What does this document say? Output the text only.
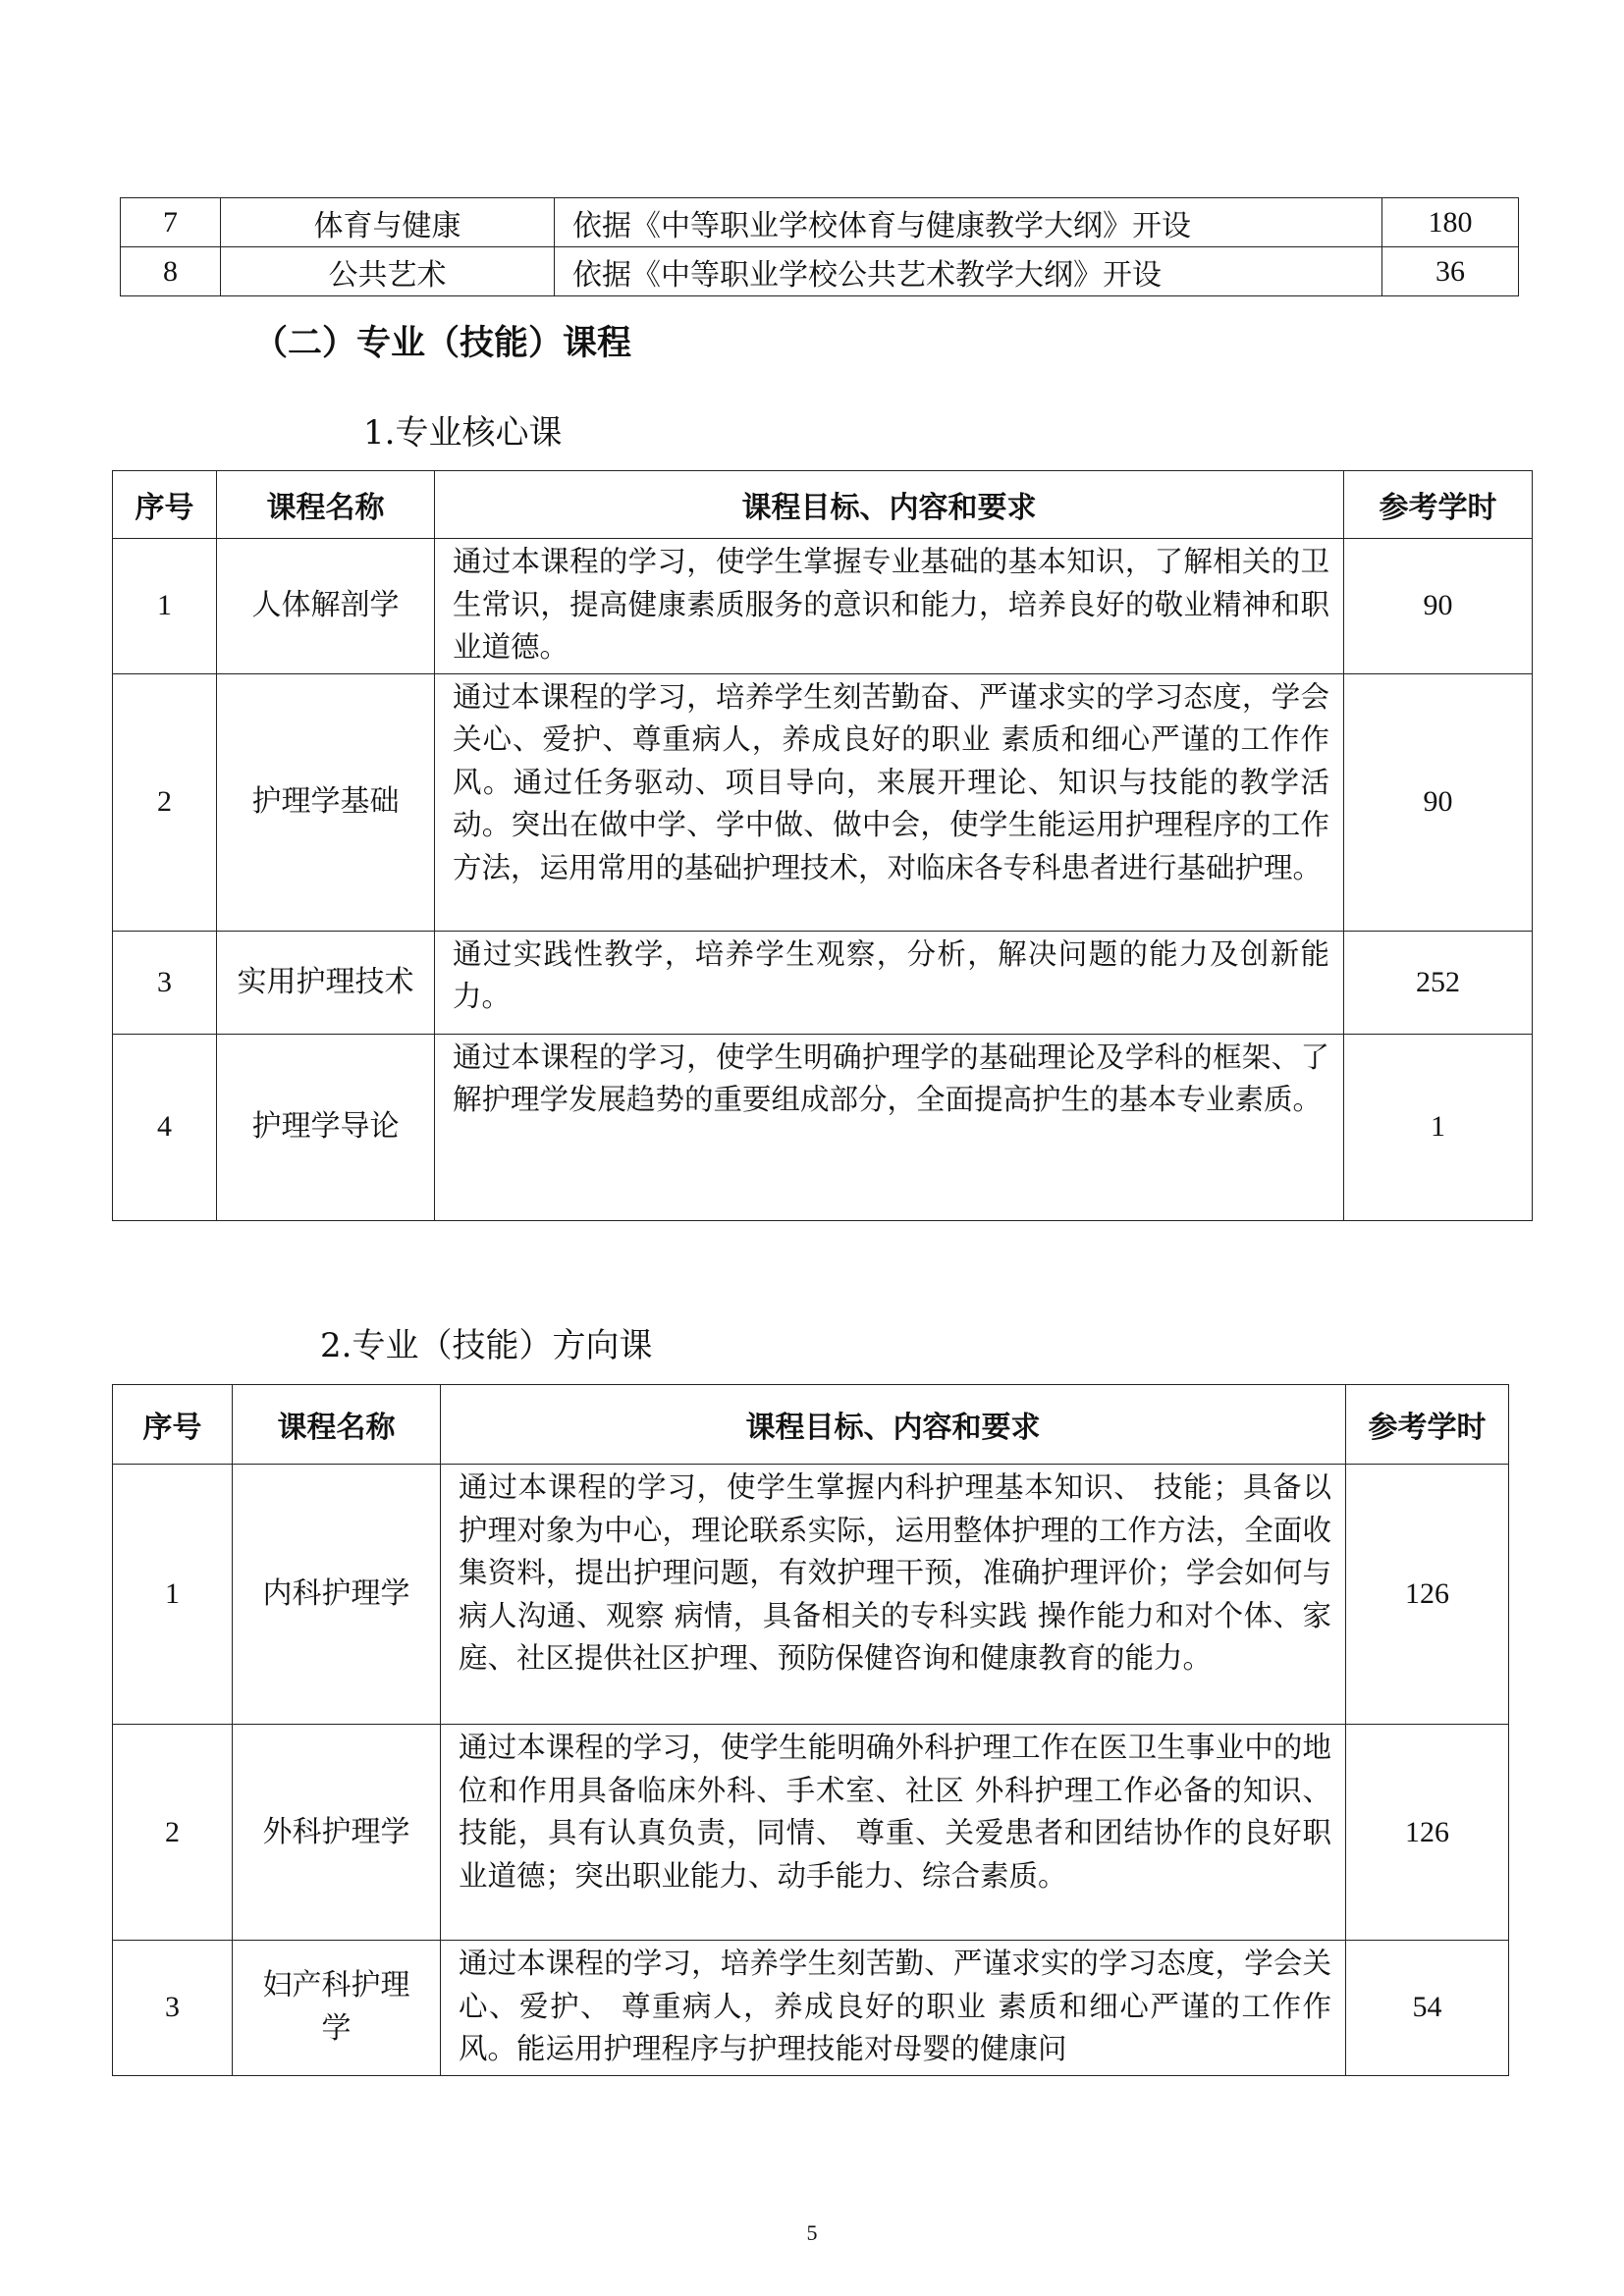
7	体育与健康	依据《中等职业学校体育与健康教学大纲》开设	180
8	公共艺术	依据《中等职业学校公共艺术教学大纲》开设	36
（二）专业（技能）课程
1.专业核心课
序号	课程名称	课程目标、内容和要求	参考学时
1	人体解剖学	通过本课程的学习，使学生掌握专业基础的基本知识，了解相关的卫生常识，提高健康素质服务的意识和能力，培养良好的敬业精神和职业道德。	90
2	护理学基础	通过本课程的学习，培养学生刻苦勤奋、严谨求实的学习态度，学会关心、爱护、尊重病人，养成良好的职业 素质和细心严谨的工作作风。通过任务驱动、项目导向，来展开理论、知识与技能的教学活动。突出在做中学、学中做、做中会，使学生能运用护理程序的工作方法，运用常用的基础护理技术，对临床各专科患者进行基础护理。	90
3	实用护理技术	通过实践性教学，培养学生观察，分析，解决问题的能力及创新能力。	252
4	护理学导论	通过本课程的学习，使学生明确护理学的基础理论及学科的框架、了解护理学发展趋势的重要组成部分，全面提高护生的基本专业素质。	1
2.专业（技能）方向课
序号	课程名称	课程目标、内容和要求	参考学时
1	内科护理学	通过本课程的学习，使学生掌握内科护理基本知识、 技能；具备以护理对象为中心，理论联系实际，运用整体护理的工作方法，全面收集资料，提出护理问题，有效护理干预，准确护理评价；学会如何与病人沟通、观察 病情，具备相关的专科实践 操作能力和对个体、家庭、社区提供社区护理、预防保健咨询和健康教育的能力。	126
2	外科护理学	通过本课程的学习，使学生能明确外科护理工作在医卫生事业中的地位和作用具备临床外科、手术室、社区 外科护理工作必备的知识、技能，具有认真负责，同情、 尊重、关爱患者和团结协作的良好职业道德；突出职业能力、动手能力、综合素质。	126
3	妇产科护理学	通过本课程的学习，培养学生刻苦勤、严谨求实的学习态度，学会关心、爱护、 尊重病人，养成良好的职业 素质和细心严谨的工作作 风。能运用护理程序与护理技能对母婴的健康问	54
5
